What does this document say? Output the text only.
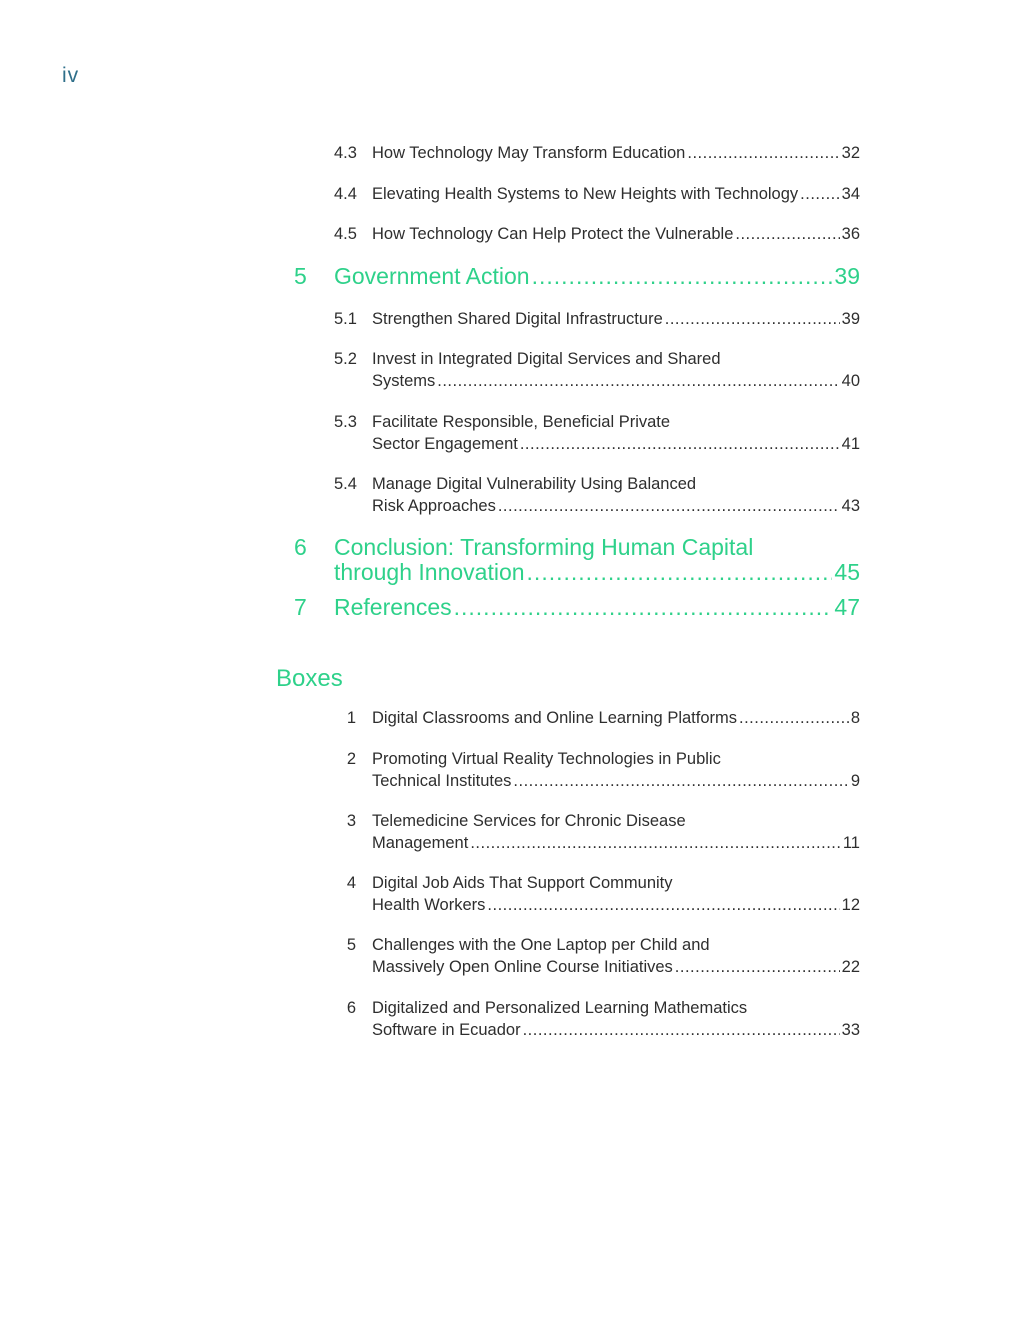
iv
4.3 How Technology May Transform Education .....	32
4.4 Elevating Health Systems to New Heights with Technology .....	34
4.5 How Technology Can Help Protect the Vulnerable .....	36
5 Government Action .....	39
5.1 Strengthen Shared Digital Infrastructure .....	39
5.2 Invest in Integrated Digital Services and Shared
Systems .....	40
5.3 Facilitate Responsible, Beneficial Private
Sector Engagement .....	41
5.4 Manage Digital Vulnerability Using Balanced
Risk Approaches .....	43
6 Conclusion: Transforming Human Capital
through Innovation .....	45
7 References .....	47
Boxes
1 Digital Classrooms and Online Learning Platforms .....	8
2 Promoting Virtual Reality Technologies in Public
Technical Institutes .....	9
3 Telemedicine Services for Chronic Disease
Management .....	11
4 Digital Job Aids That Support Community
Health Workers .....	12
5 Challenges with the One Laptop per Child and
Massively Open Online Course Initiatives .....	22
6 Digitalized and Personalized Learning Mathematics
Software in Ecuador .....	33
